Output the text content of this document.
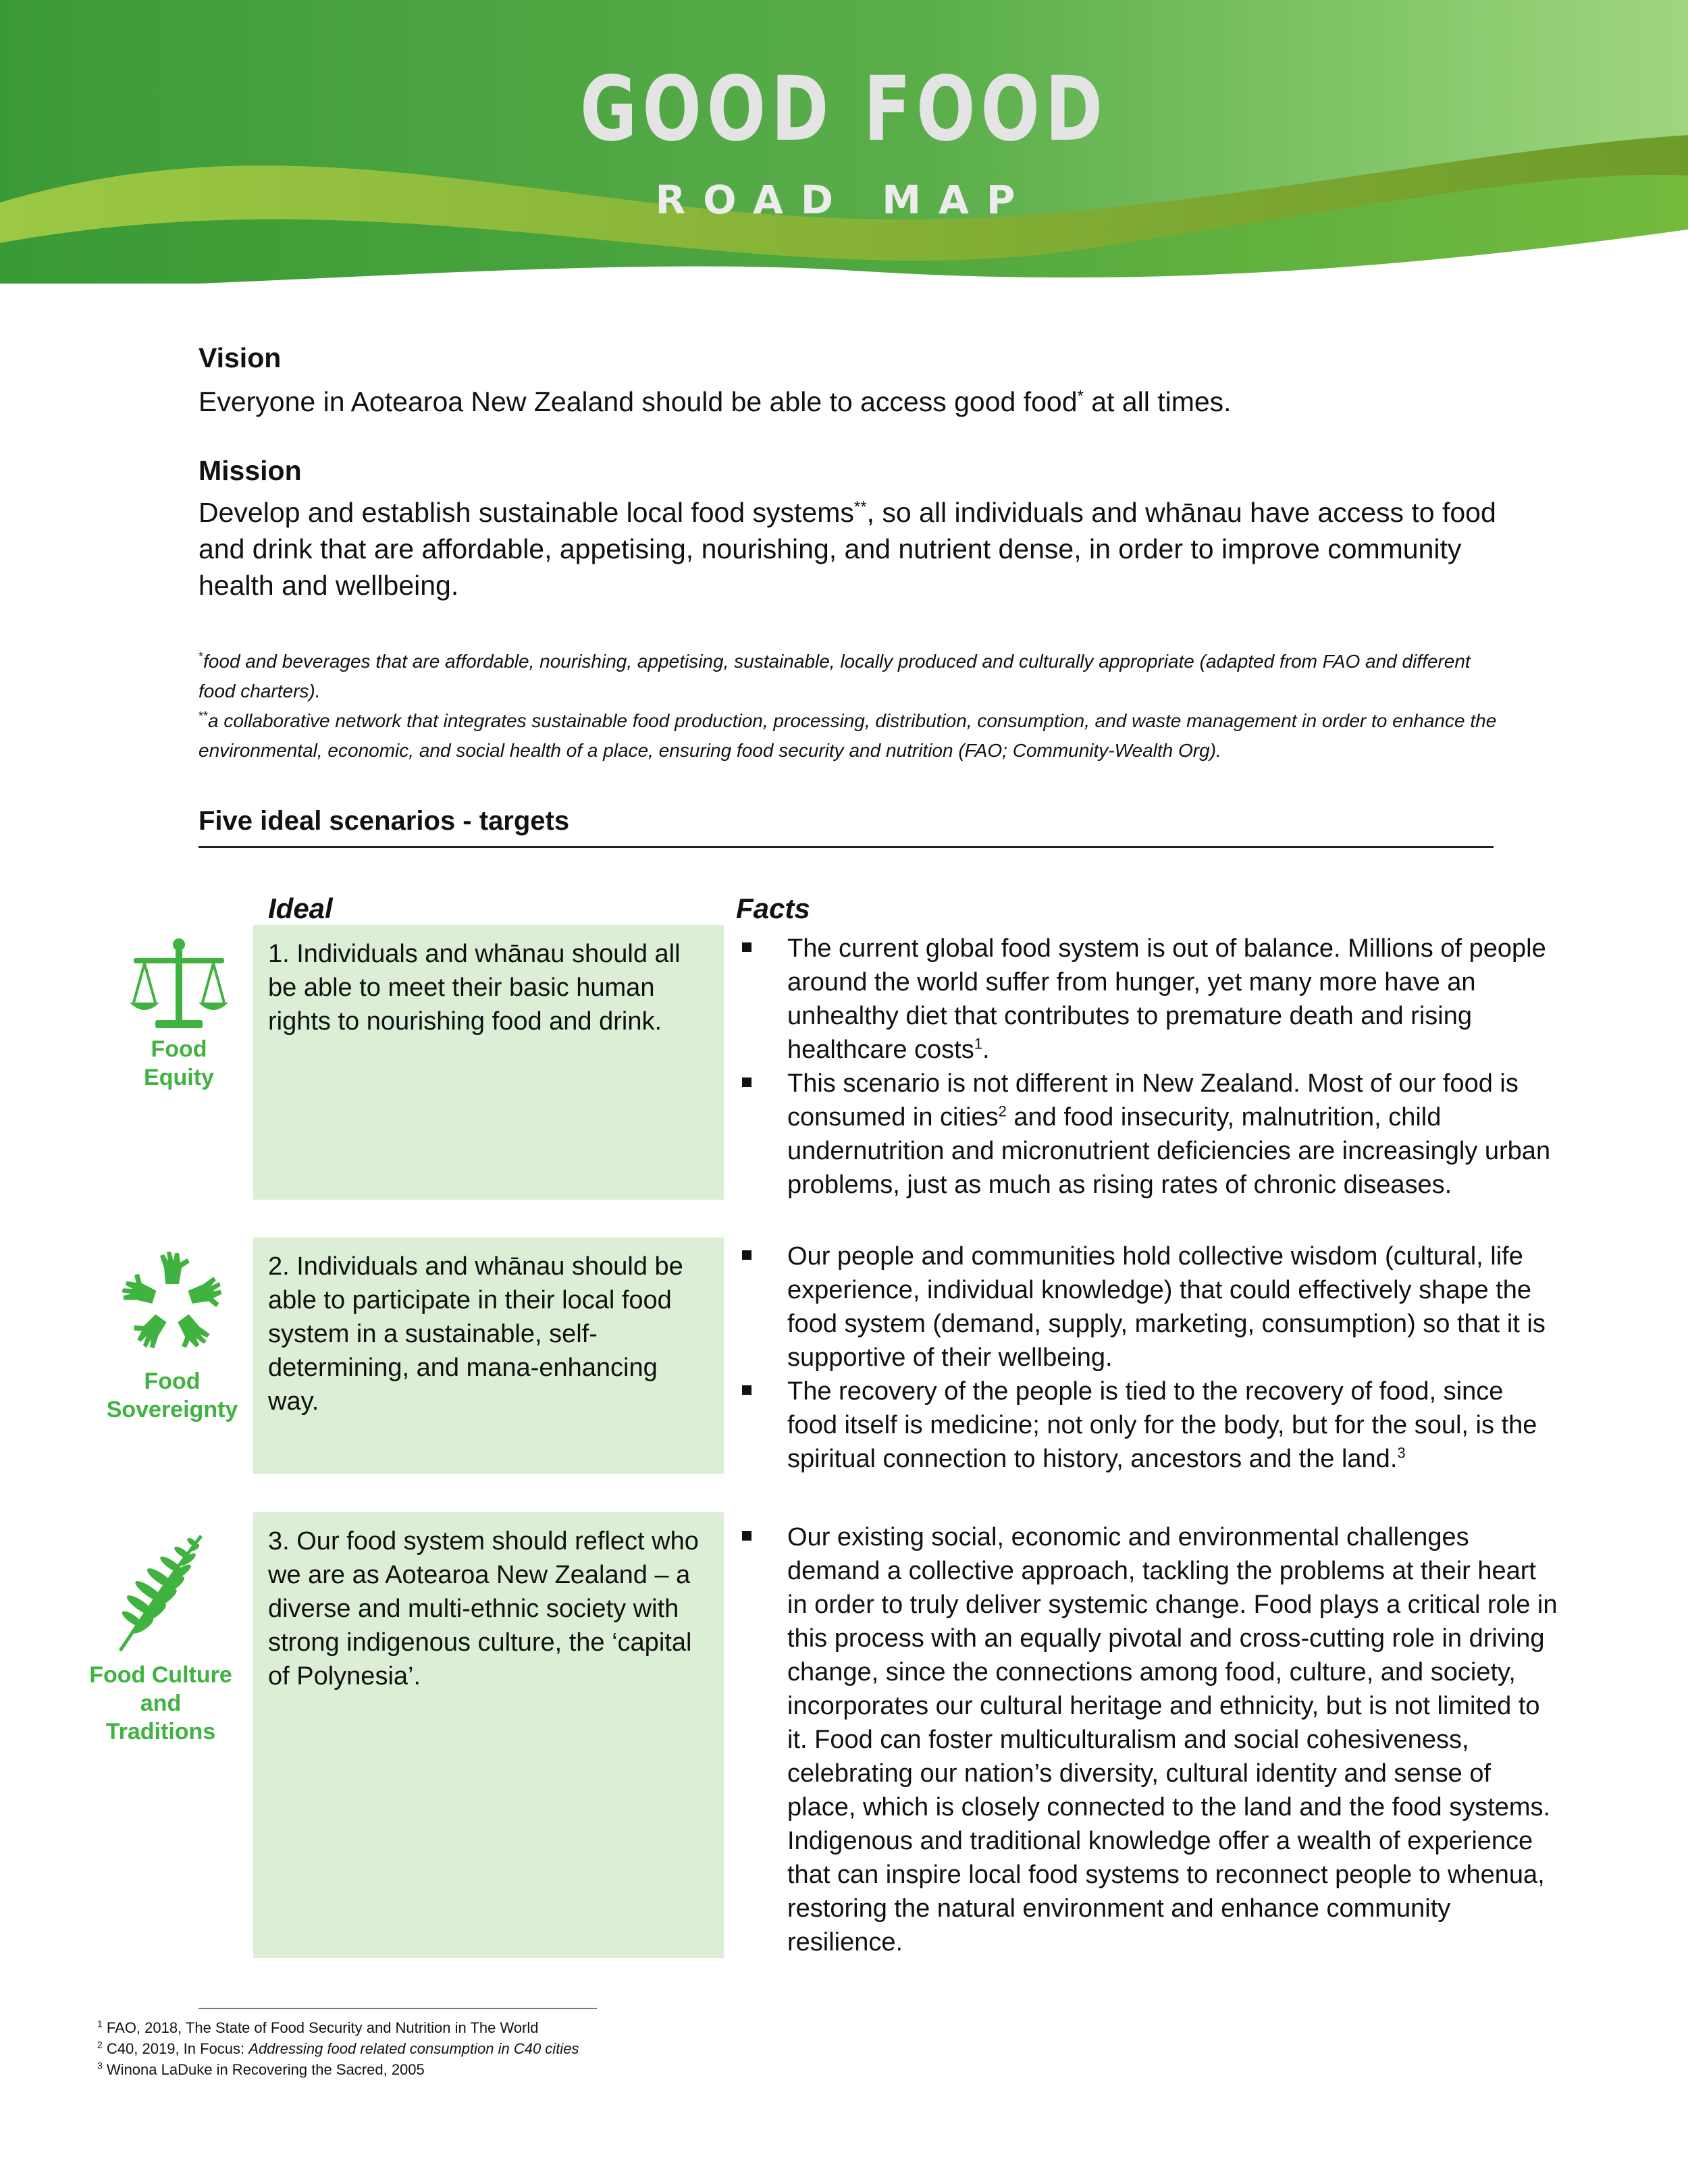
GOOD FOOD
ROAD MAP
Vision
Everyone in Aotearoa New Zealand should be able to access good food* at all times.
Mission
Develop and establish sustainable local food systems**, so all individuals and whānau have access to food and drink that are affordable, appetising, nourishing, and nutrient dense, in order to improve community health and wellbeing.
*food and beverages that are affordable, nourishing, appetising, sustainable, locally produced and culturally appropriate (adapted from FAO and different food charters).
**a collaborative network that integrates sustainable food production, processing, distribution, consumption, and waste management in order to enhance the environmental, economic, and social health of a place, ensuring food security and nutrition (FAO; Community-Wealth Org).
Five ideal scenarios - targets
Ideal	Facts
Food
Equity
1. Individuals and whānau should all be able to meet their basic human rights to nourishing food and drink.
The current global food system is out of balance. Millions of people around the world suffer from hunger, yet many more have an unhealthy diet that contributes to premature death and rising healthcare costs$^1$.
This scenario is not different in New Zealand. Most of our food is consumed in cities$^2$ and food insecurity, malnutrition, child undernutrition and micronutrient deficiencies are increasingly urban problems, just as much as rising rates of chronic diseases.
Food
Sovereignty
2. Individuals and whānau should be able to participate in their local food system in a sustainable, self-determining, and mana-enhancing way.
Our people and communities hold collective wisdom (cultural, life experience, individual knowledge) that could effectively shape the food system (demand, supply, marketing, consumption) so that it is supportive of their wellbeing.
The recovery of the people is tied to the recovery of food, since food itself is medicine; not only for the body, but for the soul, is the spiritual connection to history, ancestors and the land.$^3$
Food Culture
and
Traditions
3. Our food system should reflect who we are as Aotearoa New Zealand – a diverse and multi-ethnic society with strong indigenous culture, the ‘capital of Polynesia’.
Our existing social, economic and environmental challenges demand a collective approach, tackling the problems at their heart in order to truly deliver systemic change. Food plays a critical role in this process with an equally pivotal and cross-cutting role in driving change, since the connections among food, culture, and society, incorporates our cultural heritage and ethnicity, but is not limited to it. Food can foster multiculturalism and social cohesiveness, celebrating our nation’s diversity, cultural identity and sense of place, which is closely connected to the land and the food systems. Indigenous and traditional knowledge offer a wealth of experience that can inspire local food systems to reconnect people to whenua, restoring the natural environment and enhance community resilience.
$^1$ FAO, 2018, The State of Food Security and Nutrition in The World
$^2$ C40, 2019, In Focus: Addressing food related consumption in C40 cities
$^3$ Winona LaDuke in Recovering the Sacred, 2005
